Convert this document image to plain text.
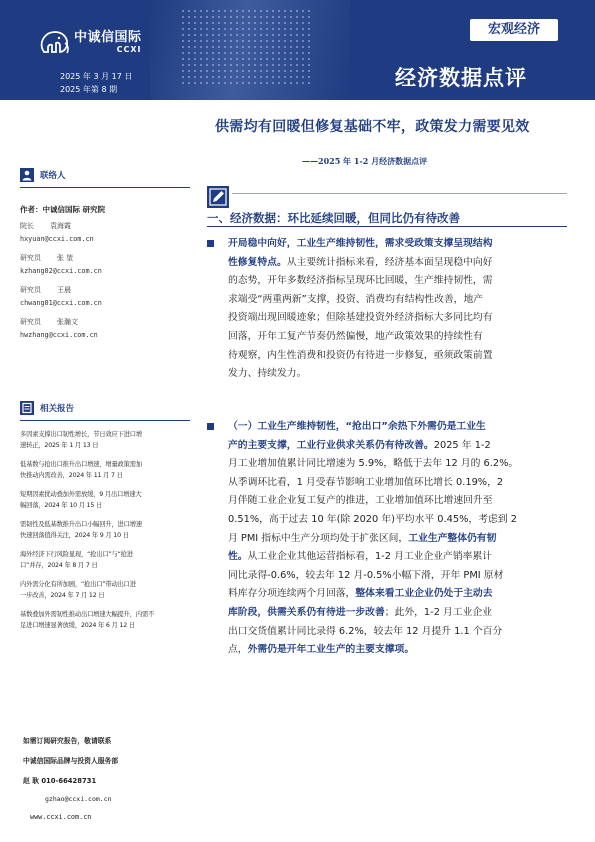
中诚信国际
CCXI
2025 年 3 月 17 日
2025 年第 8 期
宏观经济
经济数据点评
供需均有回暖但修复基础不牢，政策发力需要见效
——2025 年 1-2 月经济数据点评
联络人
作者：中诚信国际 研究院
院长 袁海霞
hxyuan@ccxi.com.cn
研究员 张 堃
kzhang02@ccxi.com.cn
研究员 王晨
chwang01@ccxi.com.cn
研究员 张瀚文
hwzhang@ccxi.com.cn
相关报告
多因素支撑出口韧性增长，节日效应下进口增
速转正，2025 年 1 月 13 日
低基数与抢出口推升出口增速，增量政策需加
快推动内需改善，2024 年 11 月 7 日
短期因素扰动叠加外需放缓，9 月出口增速大
幅回落，2024 年 10 月 15 日
需韧性及低基数推升出口小幅回升，进口增速
快速回落值得关注，2024 年 9 月 10 日
海外经济下行风险显现，“抢出口”与“抢进
口”并存，2024 年 8 月 7 日
内外需分化有所加剧，“抢出口”带动出口进
一步改善，2024 年 7 月 12 日
基数叠加外需韧性推动出口增速大幅提升，内需不
足进口增速显著放缓，2024 年 6 月 12 日
如需订阅研究报告，敬请联系
中诚信国际品牌与投资人服务部
赵 耿 010-66428731
gzhao@ccxi.com.cn
www.ccxi.com.cn
一、经济数据：环比延续回暖，但同比仍有待改善
开局稳中向好，工业生产维持韧性，需求受政策支撑呈现结构
性修复特点。从主要统计指标来看，经济基本面呈现稳中向好
的态势，开年多数经济指标呈现环比回暖，生产维持韧性，需
求端受“两重两新”支撑，投资、消费均有结构性改善，地产
投资端出现回暖迹象；但除基建投资外经济指标大多同比均有
回落，开年工复产节奏仍然偏慢，地产政策效果的持续性有
待观察，内生性消费和投资仍有待进一步修复，亟须政策前置
发力、持续发力。
（一）工业生产维持韧性，“抢出口”余热下外需仍是工业生
产的主要支撑，工业行业供求关系仍有待改善。2025 年 1-2
月工业增加值累计同比增速为 5.9%，略低于去年 12 月的 6.2%。
从季调环比看，1 月受春节影响工业增加值环比增长 0.19%，2
月伴随工业企业复工复产的推进，工业增加值环比增速回升至
0.51%，高于过去 10 年(除 2020 年)平均水平 0.45%，考虑到 2
月 PMI 指标中生产分项均处于扩张区间，工业生产整体仍有韧
性。从工业企业其他运营指标看，1-2 月工业企业产销率累计
同比录得-0.6%，较去年 12 月-0.5%小幅下滑，开年 PMI 原材
料库存分项连续两个月回落，整体来看工业企业仍处于主动去
库阶段，供需关系仍有待进一步改善；此外，1-2 月工业企业
出口交货值累计同比录得 6.2%，较去年 12 月提升 1.1 个百分
点，外需仍是开年工业生产的主要支撑项。
